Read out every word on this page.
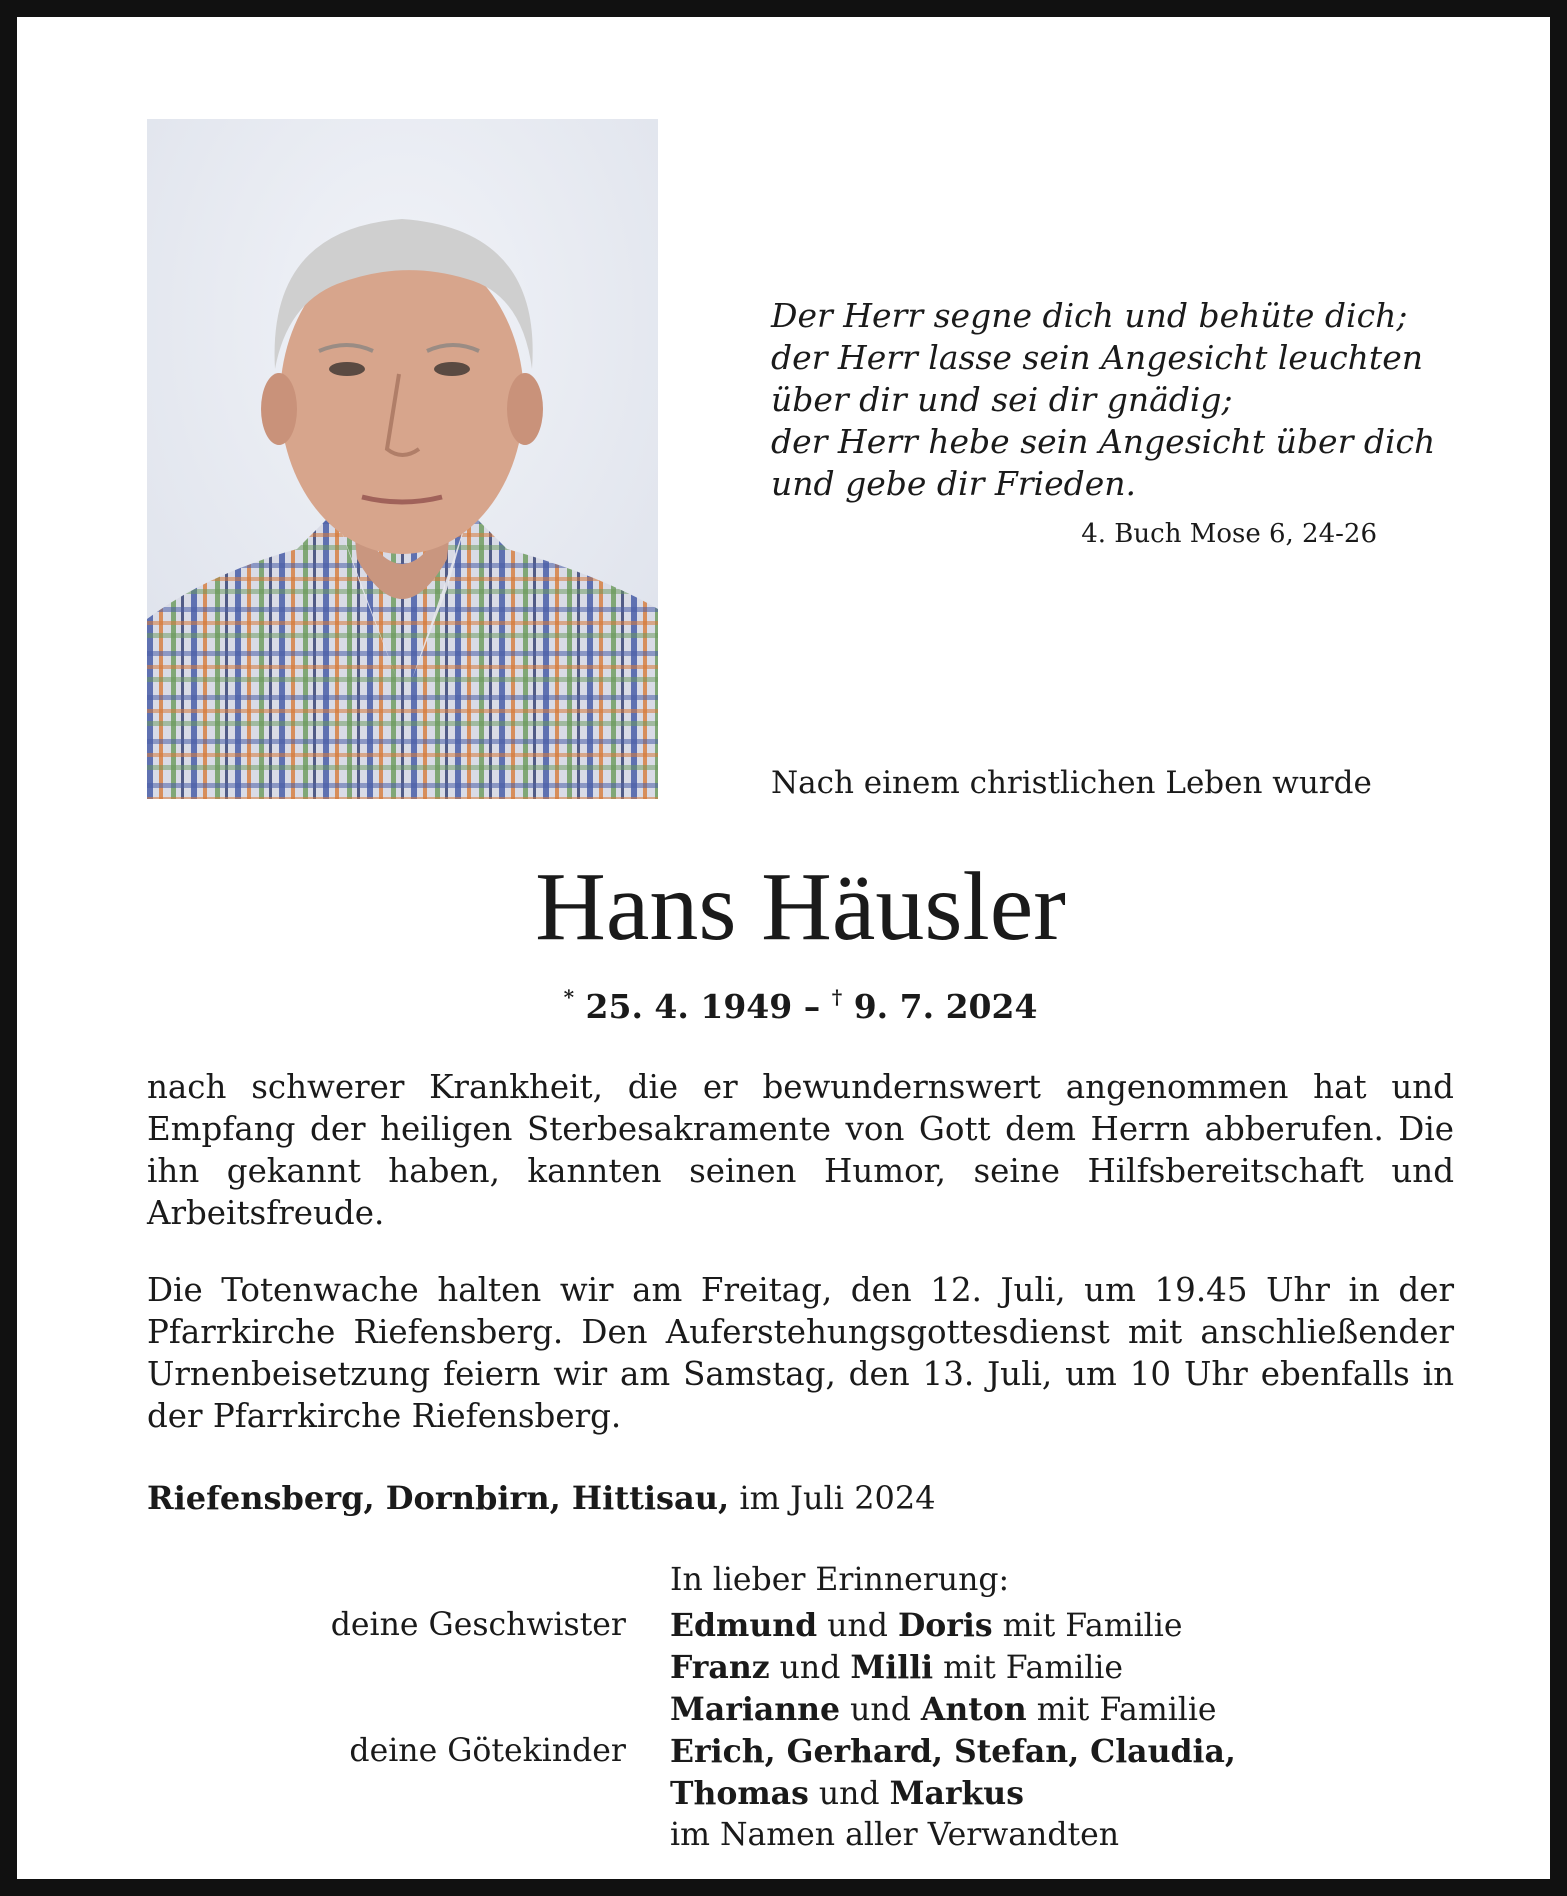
Der Herr segne dich und behüte dich;
der Herr lasse sein Angesicht leuchten
über dir und sei dir gnädig;
der Herr hebe sein Angesicht über dich
und gebe dir Frieden.
4. Buch Mose 6, 24-26
Nach einem christlichen Leben wurde
Hans Häusler
* 25. 4. 1949 – † 9. 7. 2024
nach schwerer Krankheit, die er bewundernswert angenommen hat und Empfang der heiligen Sterbesakramente von Gott dem Herrn abberufen. Die ihn gekannt haben, kannten seinen Humor, seine Hilfsbereitschaft und Arbeitsfreude.
Die Totenwache halten wir am Freitag, den 12. Juli, um 19.45 Uhr in der Pfarrkirche Riefensberg. Den Auferstehungsgottesdienst mit anschließender Urnenbeisetzung feiern wir am Samstag, den 13. Juli, um 10 Uhr ebenfalls in der Pfarrkirche Riefensberg.
Riefensberg, Dornbirn, Hittisau, im Juli 2024
In lieber Erinnerung:
deine Geschwister Edmund und Doris mit Familie
Franz und Milli mit Familie
Marianne und Anton mit Familie
deine Götekinder Erich, Gerhard, Stefan, Claudia,
Thomas und Markus
im Namen aller Verwandten
